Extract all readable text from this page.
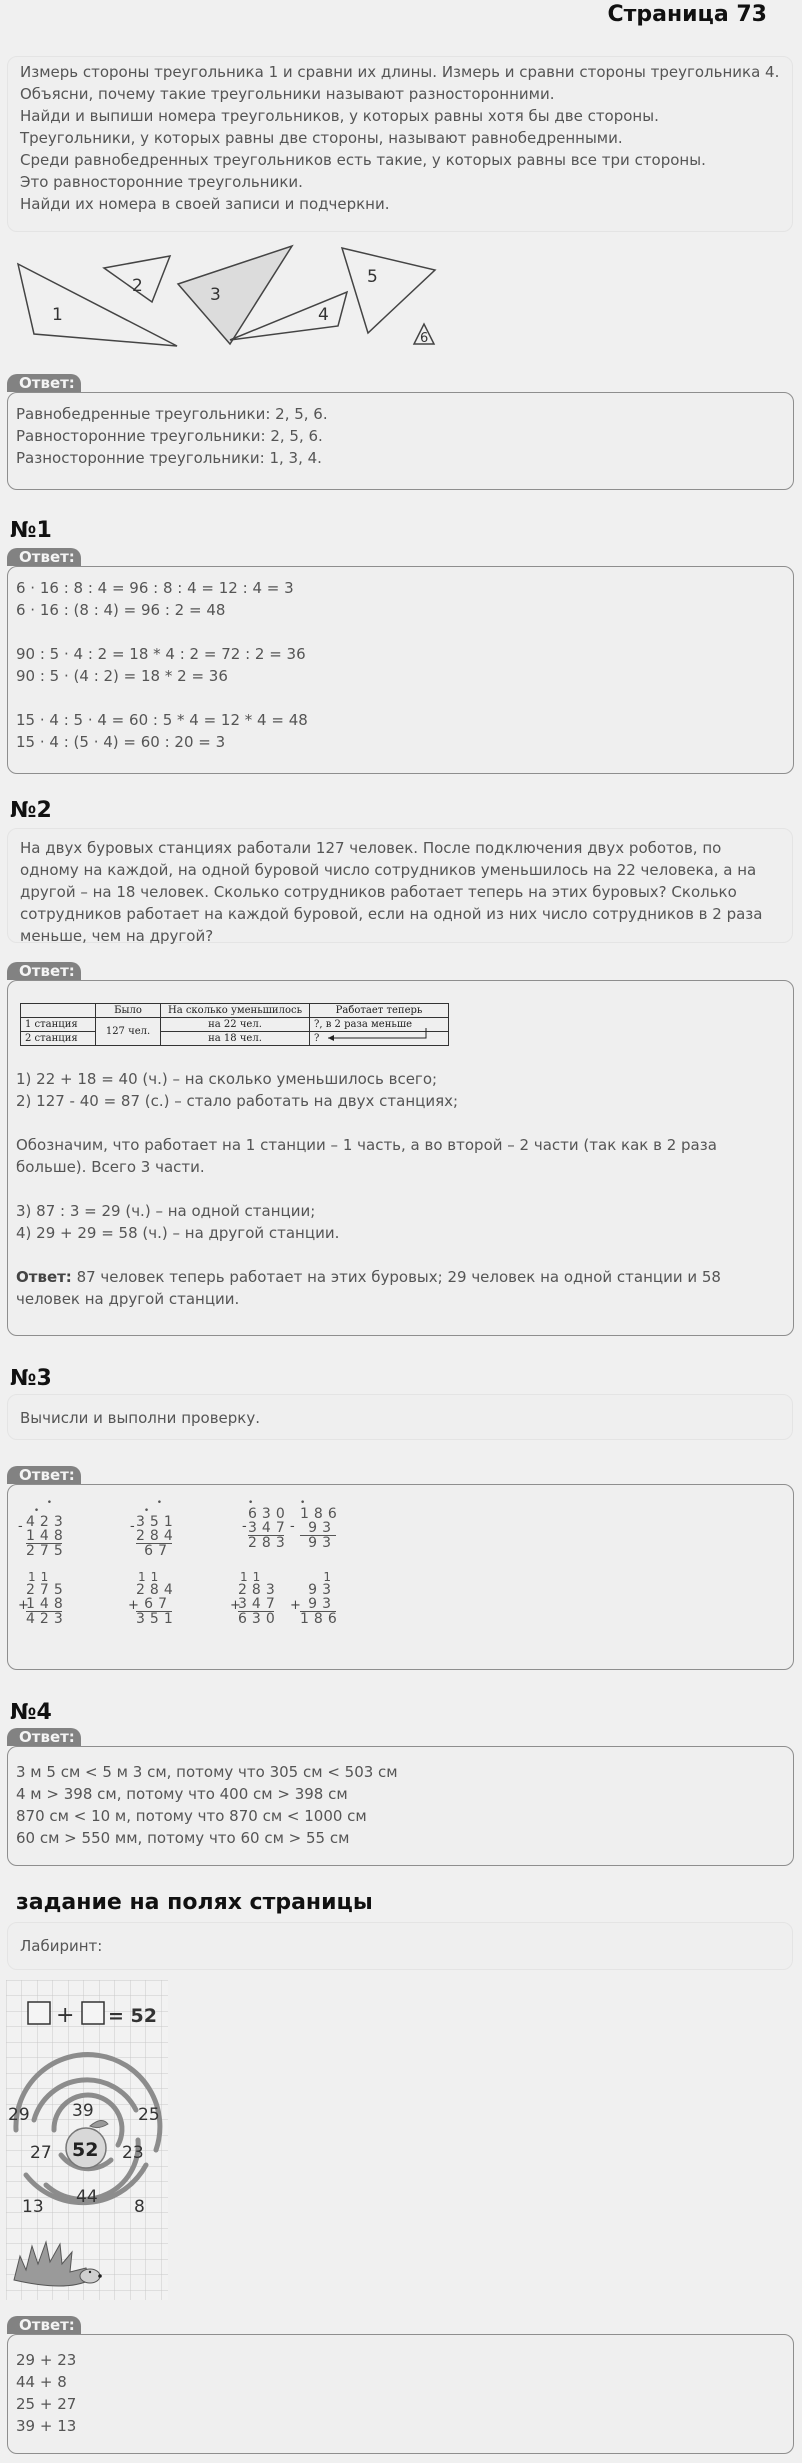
Страница 73
Измерь стороны треугольника 1 и сравни их длины. Измерь и сравни стороны треугольника 4.
Объясни, почему такие треугольники называют разносторонними.
Найди и выпиши номера треугольников, у которых равны хотя бы две стороны.
Треугольники, у которых равны две стороны, называют равнобедренными.
Среди равнобедренных треугольников есть такие, у которых равны все три стороны.
Это равносторонние треугольники.
Найди их номера в своей записи и подчеркни.
1
2	3
4
5
6
Ответ:
Равнобедренные треугольники: 2, 5, 6.
Равносторонние треугольники: 2, 5, 6.
Разносторонние треугольники: 1, 3, 4.
№1
Ответ:
6 · 16 : 8 : 4 = 96 : 8 : 4 = 12 : 4 = 3
6 · 16 : (8 : 4) = 96 : 2 = 48
90 : 5 · 4 : 2 = 18 * 4 : 2 = 72 : 2 = 36
90 : 5 · (4 : 2) = 18 * 2 = 36
15 · 4 : 5 · 4 = 60 : 5 * 4 = 12 * 4 = 48
15 · 4 : (5 · 4) = 60 : 20 = 3
№2
На двух буровых станциях работали 127 человек. После подключения двух роботов, по одному на каждой, на одной буровой число сотрудников уменьшилось на 22 человека, а на другой – на 18 человек. Сколько сотрудников работает теперь на этих буровых? Сколько сотрудников работает на каждой буровой, если на одной из них число сотрудников в 2 раза меньше, чем на другой?
Ответ:
	Было	На сколько уменьшилось	Работает теперь
1 станция	127 чел.	на 22 чел.	?, в 2 раза меньше
2 станция		на 18 чел.	?
1) 22 + 18 = 40 (ч.) – на сколько уменьшилось всего;
2) 127 - 40 = 87 (с.) – стало работать на двух станциях;
Обозначим, что работает на 1 станции – 1 часть, а во второй – 2 части (так как в 2 раза больше). Всего 3 части.
3) 87 : 3 = 29 (ч.) – на одной станции;
4) 29 + 29 = 58 (ч.) – на другой станции.
Ответ: 87 человек теперь работает на этих буровых; 29 человек на одной станции и 58 человек на другой станции.
№3
Вычисли и выполни проверку.
Ответ:
-
• •
423
148
275
-
• •
351
284
67
-
•
630
347
283
-
•
186
93
93
+
11
275
148
423
+
11
284
67
351
+
11
283
347
630
+
1
93
93
186
№4
Ответ:
3 м 5 см < 5 м 3 см, потому что 305 см < 503 см
4 м > 398 см, потому что 400 см > 398 см
870 см < 10 м, потому что 870 см < 1000 см
60 см > 550 мм, потому что 60 см > 55 см
задание на полях страницы
Лабиринт:
+ = 52
52
29 39	25
27	23
44
13	8
Ответ:
29 + 23
44 + 8
25 + 27
39 + 13
